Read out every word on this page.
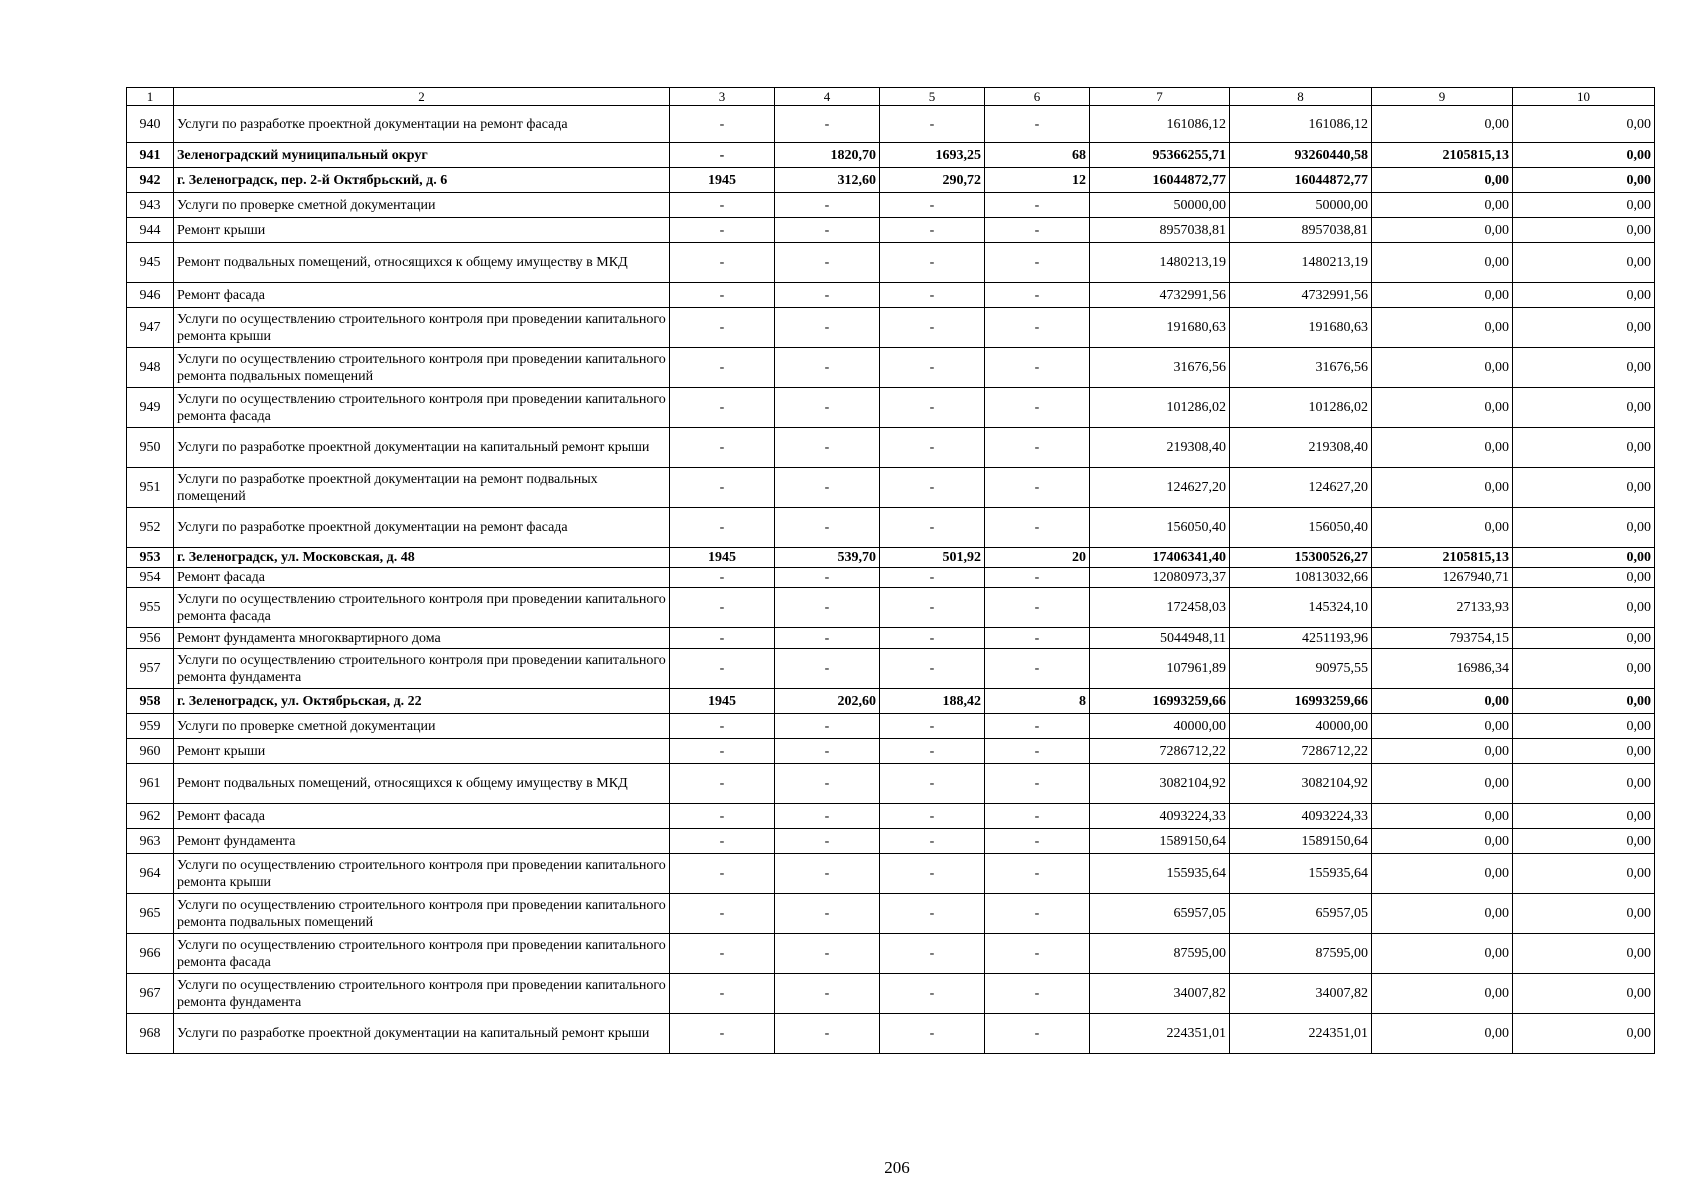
1	2	3	4	5	6	7	8	9	10
940	Услуги по разработке проектной документации на ремонт фасада	-	-	-	-	161086,12	161086,12	0,00	0,00
941	Зеленоградский муниципальный округ	-	1820,70	1693,25	68	95366255,71	93260440,58	2105815,13	0,00
942	г. Зеленоградск, пер. 2-й Октябрьский, д. 6	1945	312,60	290,72	12	16044872,77	16044872,77	0,00	0,00
943	Услуги по проверке сметной документации	-	-	-	-	50000,00	50000,00	0,00	0,00
944	Ремонт крыши	-	-	-	-	8957038,81	8957038,81	0,00	0,00
945	Ремонт подвальных помещений, относящихся к общему имуществу в МКД	-	-	-	-	1480213,19	1480213,19	0,00	0,00
946	Ремонт фасада	-	-	-	-	4732991,56	4732991,56	0,00	0,00
947	Услуги по осуществлению строительного контроля при проведении капитального ремонта крыши	-	-	-	-	191680,63	191680,63	0,00	0,00
948	Услуги по осуществлению строительного контроля при проведении капитального ремонта подвальных помещений	-	-	-	-	31676,56	31676,56	0,00	0,00
949	Услуги по осуществлению строительного контроля при проведении капитального ремонта фасада	-	-	-	-	101286,02	101286,02	0,00	0,00
950	Услуги по разработке проектной документации на капитальный ремонт крыши	-	-	-	-	219308,40	219308,40	0,00	0,00
951	Услуги по разработке проектной документации на ремонт подвальных помещений	-	-	-	-	124627,20	124627,20	0,00	0,00
952	Услуги по разработке проектной документации на ремонт фасада	-	-	-	-	156050,40	156050,40	0,00	0,00
953	г. Зеленоградск, ул. Московская, д. 48	1945	539,70	501,92	20	17406341,40	15300526,27	2105815,13	0,00
954	Ремонт фасада	-	-	-	-	12080973,37	10813032,66	1267940,71	0,00
955	Услуги по осуществлению строительного контроля при проведении капитального ремонта фасада	-	-	-	-	172458,03	145324,10	27133,93	0,00
956	Ремонт фундамента многоквартирного дома	-	-	-	-	5044948,11	4251193,96	793754,15	0,00
957	Услуги по осуществлению строительного контроля при проведении капитального ремонта фундамента	-	-	-	-	107961,89	90975,55	16986,34	0,00
958	г. Зеленоградск, ул. Октябрьская, д. 22	1945	202,60	188,42	8	16993259,66	16993259,66	0,00	0,00
959	Услуги по проверке сметной документации	-	-	-	-	40000,00	40000,00	0,00	0,00
960	Ремонт крыши	-	-	-	-	7286712,22	7286712,22	0,00	0,00
961	Ремонт подвальных помещений, относящихся к общему имуществу в МКД	-	-	-	-	3082104,92	3082104,92	0,00	0,00
962	Ремонт фасада	-	-	-	-	4093224,33	4093224,33	0,00	0,00
963	Ремонт фундамента	-	-	-	-	1589150,64	1589150,64	0,00	0,00
964	Услуги по осуществлению строительного контроля при проведении капитального ремонта крыши	-	-	-	-	155935,64	155935,64	0,00	0,00
965	Услуги по осуществлению строительного контроля при проведении капитального ремонта подвальных помещений	-	-	-	-	65957,05	65957,05	0,00	0,00
966	Услуги по осуществлению строительного контроля при проведении капитального ремонта фасада	-	-	-	-	87595,00	87595,00	0,00	0,00
967	Услуги по осуществлению строительного контроля при проведении капитального ремонта фундамента	-	-	-	-	34007,82	34007,82	0,00	0,00
968	Услуги по разработке проектной документации на капитальный ремонт крыши	-	-	-	-	224351,01	224351,01	0,00	0,00
206
